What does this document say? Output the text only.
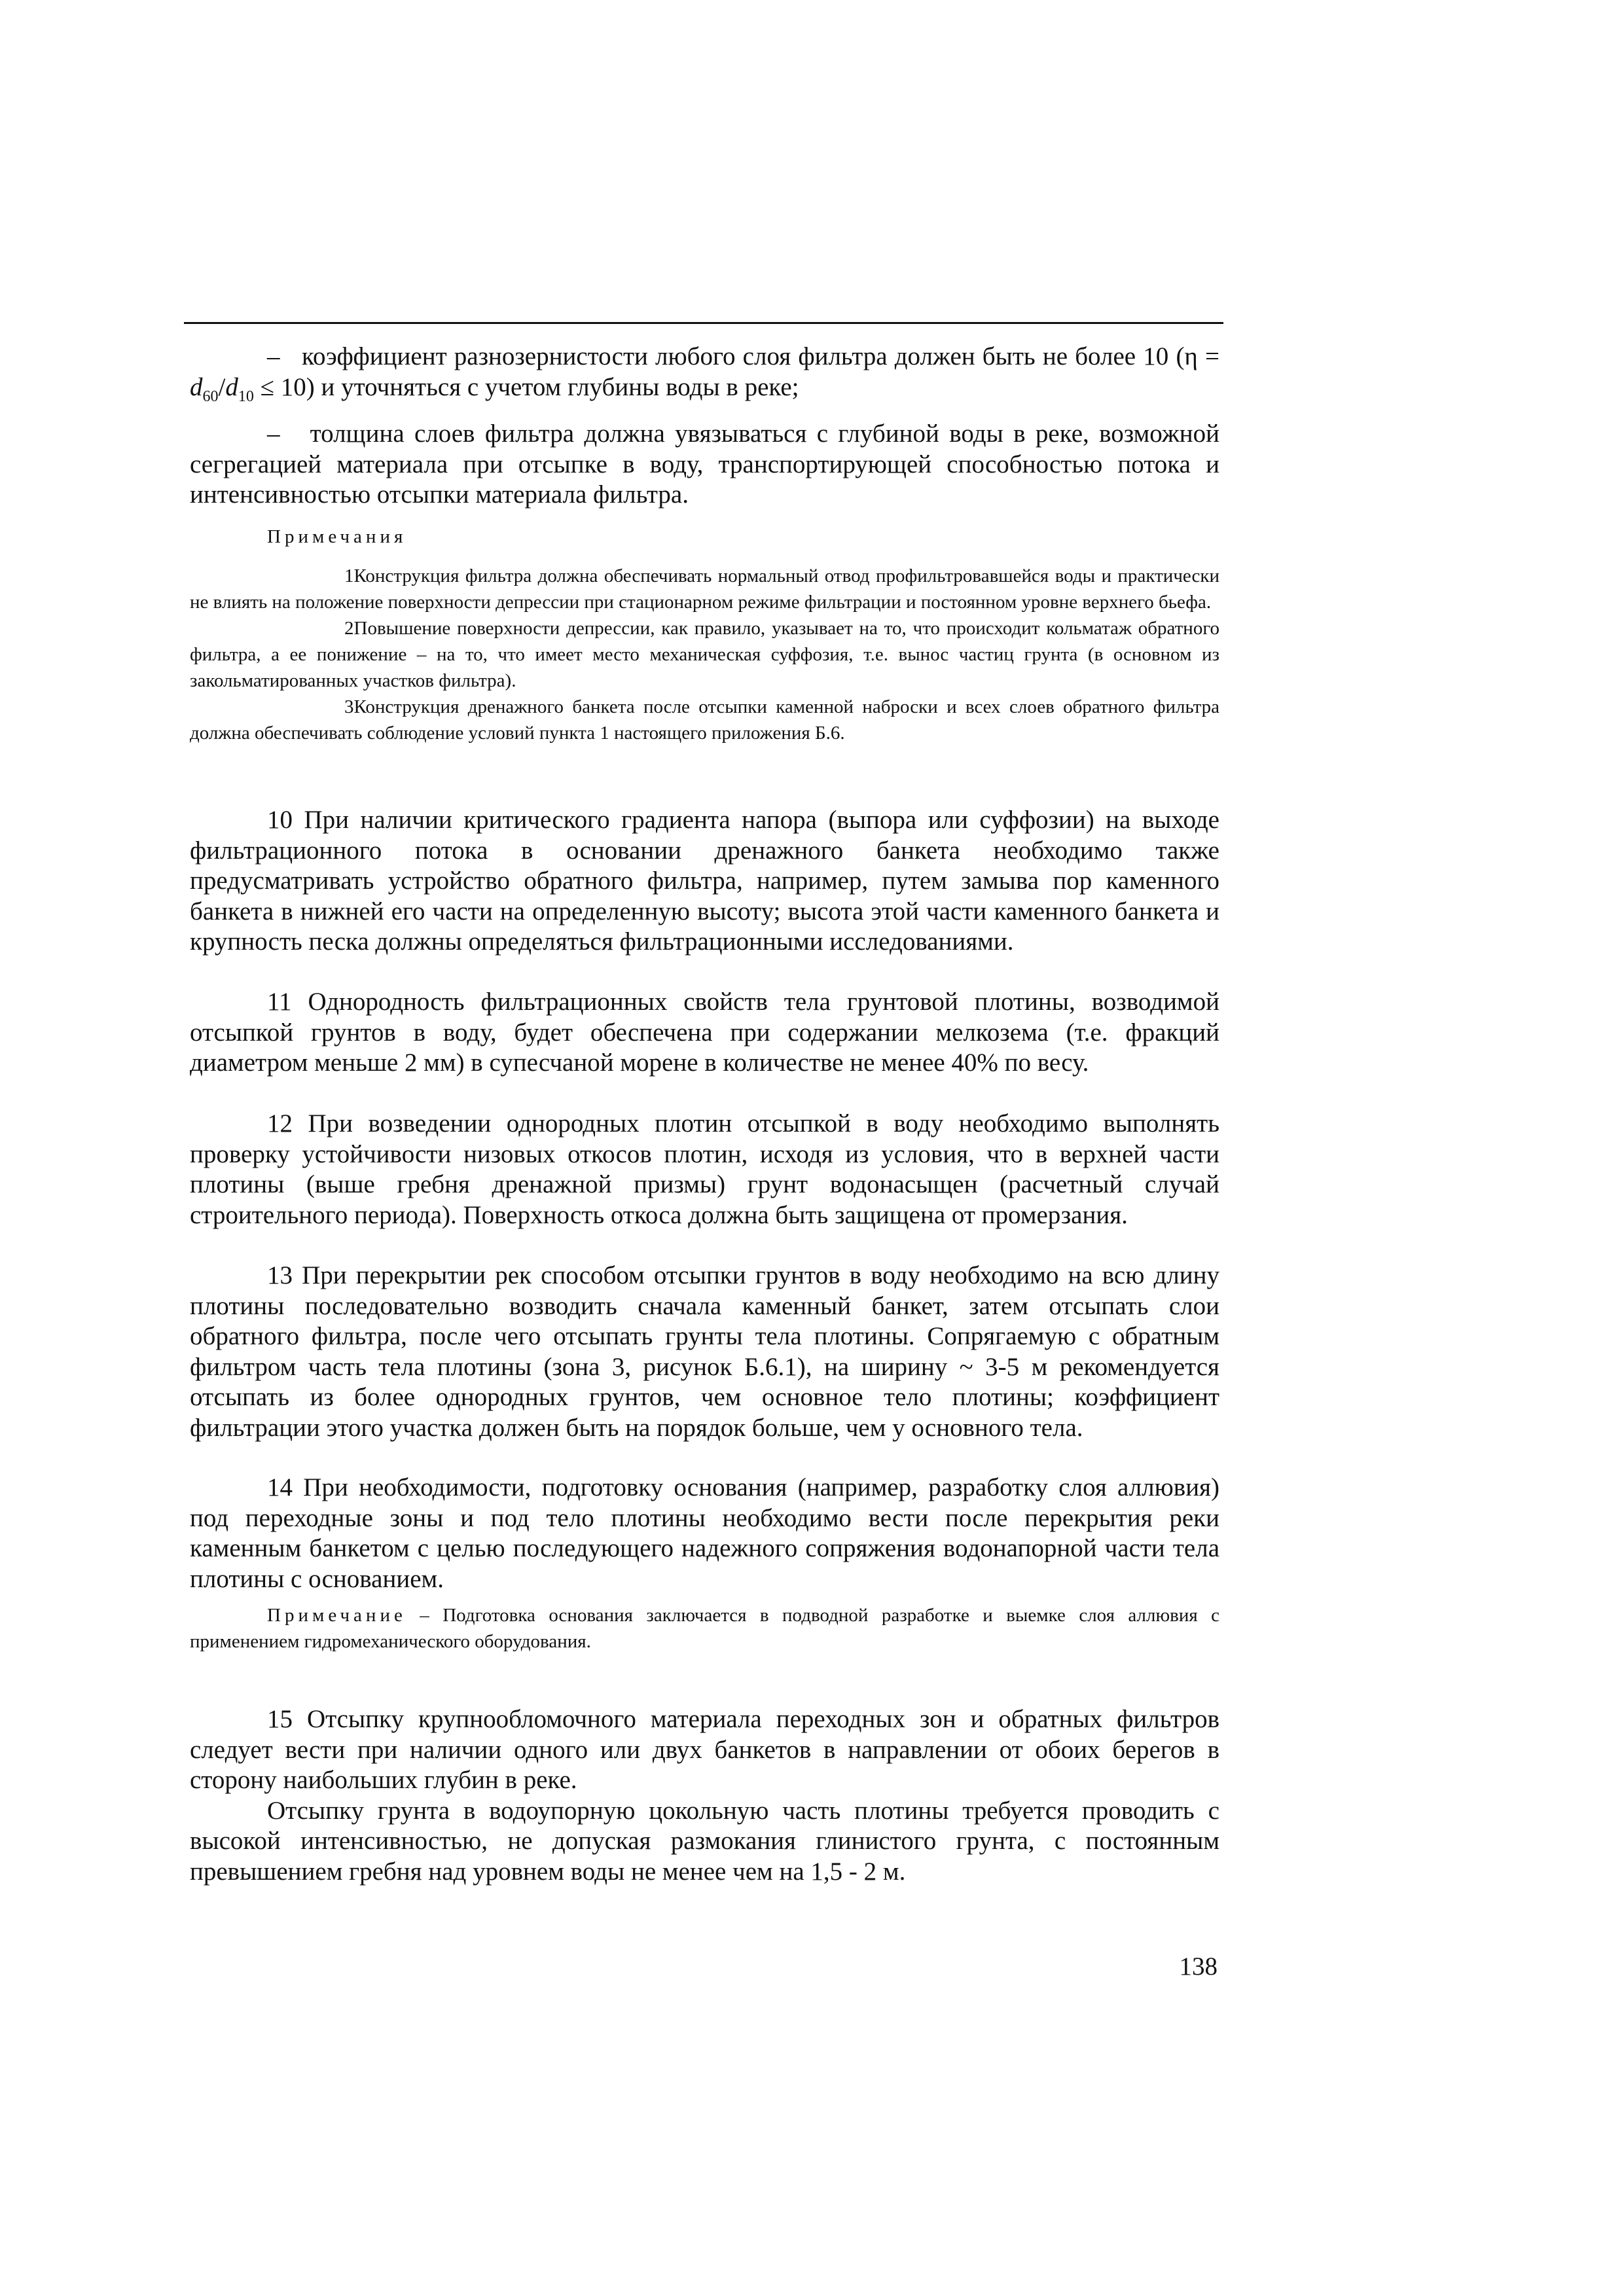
– коэффициент разнозернистости любого слоя фильтра должен быть не более 10 $(\eta = d_{60}/d_{10} \le 10)$ и уточняться с учетом глубины воды в реке;

– толщина слоев фильтра должна увязываться с глубиной воды в реке, возможной сегрегацией материала при отсыпке в воду, транспортирующей способностью потока и интенсивностью отсыпки материала фильтра.

Примечания

1Конструкция фильтра должна обеспечивать нормальный отвод профильтровавшейся воды и практически не влиять на положение поверхности депрессии при стационарном режиме фильтрации и постоянном уровне верхнего бьефа.

2Повышение поверхности депрессии, как правило, указывает на то, что происходит кольматаж обратного фильтра, а ее понижение – на то, что имеет место механическая суффозия, т.е. вынос частиц грунта (в основном из закольматированных участков фильтра).

3Конструкция дренажного банкета после отсыпки каменной наброски и всех слоев обратного фильтра должна обеспечивать соблюдение условий пункта 1 настоящего приложения Б.6.

10 При наличии критического градиента напора (выпора или суффозии) на выходе фильтрационного потока в основании дренажного банкета необходимо также предусматривать устройство обратного фильтра, например, путем замыва пор каменного банкета в нижней его части на определенную высоту; высота этой части каменного банкета и крупность песка должны определяться фильтрационными исследованиями.

11 Однородность фильтрационных свойств тела грунтовой плотины, возводимой отсыпкой грунтов в воду, будет обеспечена при содержании мелкозема (т.е. фракций диаметром меньше 2 мм) в супесчаной морене в количестве не менее 40% по весу.

12 При возведении однородных плотин отсыпкой в воду необходимо выполнять проверку устойчивости низовых откосов плотин, исходя из условия, что в верхней части плотины (выше гребня дренажной призмы) грунт водонасыщен (расчетный случай строительного периода). Поверхность откоса должна быть защищена от промерзания.

13 При перекрытии рек способом отсыпки грунтов в воду необходимо на всю длину плотины последовательно возводить сначала каменный банкет, затем отсыпать слои обратного фильтра, после чего отсыпать грунты тела плотины. Сопрягаемую с обратным фильтром часть тела плотины (зона 3, рисунок Б.6.1), на ширину ~ 3-5 м рекомендуется отсыпать из более однородных грунтов, чем основное тело плотины; коэффициент фильтрации этого участка должен быть на порядок больше, чем у основного тела.

14 При необходимости, подготовку основания (например, разработку слоя аллювия) под переходные зоны и под тело плотины необходимо вести после перекрытия реки каменным банкетом с целью последующего надежного сопряжения водонапорной части тела плотины с основанием.

Примечание – Подготовка основания заключается в подводной разработке и выемке слоя аллювия с применением гидромеханического оборудования.

15 Отсыпку крупнообломочного материала переходных зон и обратных фильтров следует вести при наличии одного или двух банкетов в направлении от обоих берегов в сторону наибольших глубин в реке.

Отсыпку грунта в водоупорную цокольную часть плотины требуется проводить с высокой интенсивностью, не допуская размокания глинистого грунта, с постоянным превышением гребня над уровнем воды не менее чем на 1,5 - 2 м.

138
